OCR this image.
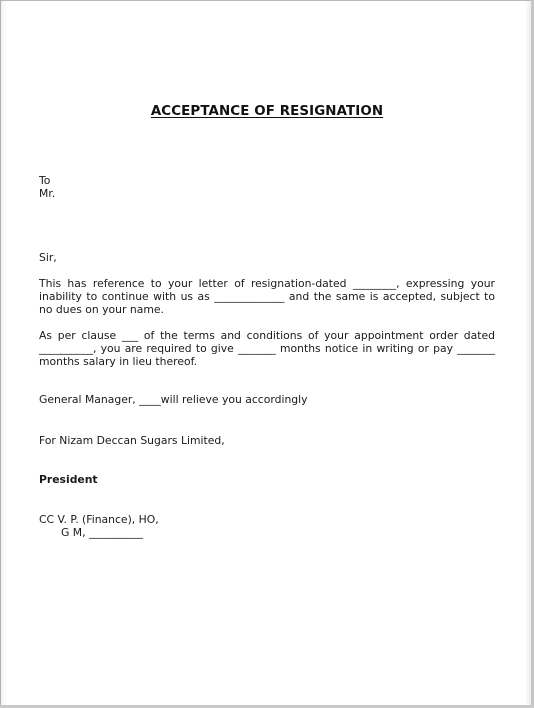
ACCEPTANCE OF RESIGNATION
To
Mr.
Sir,
This has reference to your letter of resignation-dated ________, expressing your inability to continue with us as _____________ and the same is accepted, subject to no dues on your name.
As per clause ___ of the terms and conditions of your appointment order dated __________, you are required to give _______ months notice in writing or pay _______ months salary in lieu thereof.
General Manager, ____will relieve you accordingly
For Nizam Deccan Sugars Limited,
President
CC V. P. (Finance), HO,
G M, __________
